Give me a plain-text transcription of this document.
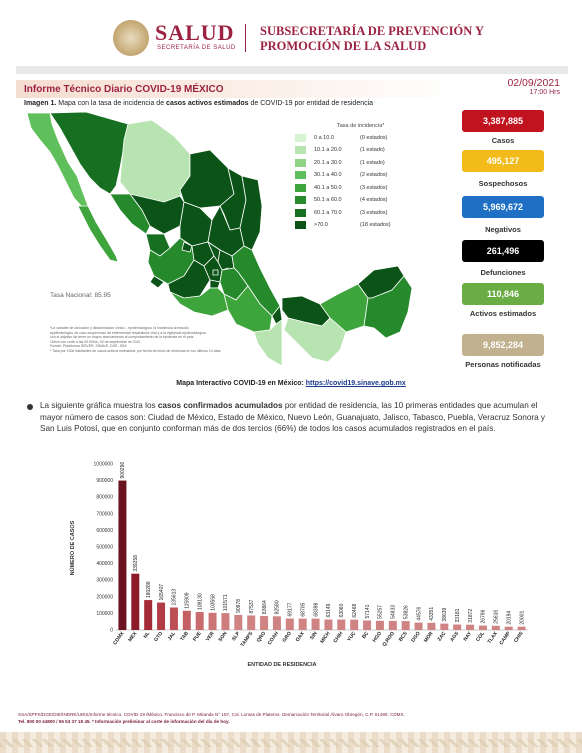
SALUD
SECRETARÍA DE SALUD
SUBSECRETARÍA DE PREVENCIÓN Y PROMOCIÓN DE LA SALUD
Informe Técnico Diario COVID-19 MÉXICO
02/09/2021
17:00 Hrs
Imagen 1. Mapa con la tasa de incidencia de casos activos estimados de COVID-19 por entidad de residencia
Tasa de incidencia*
0 a 10.0	(0 estados)
10.1 a 20.0	(1 estado)
20.1 a 30.0	(1 estado)
30.1 a 40.0	(2 estados)
40.1 a 50.0	(3 estados)
50.1 a 60.0	(4 estados)
60.1 a 70.0	(3 estados)
>70.0	(18 estados)
Tasa Nacional: 85.95
*La variable de ubicación y dictaminación clínico - epidemiológica, la incidencia al estudio
epidemiológico de caso sospechoso de enfermedad respiratoria viral y a la vigilancia epidemiológica
con el objetivo de tener un mayor acercamiento al comportamiento de la epidemia en el país.
Cierre con corte a las 00:00hrs, 02 de septiembre de 2021
Fuente: Plataforma SISVER, SINAVE, DGE, SSA
* Tasa por 100k habitantes de casos activos estimados, por fecha de inicio de síntomas en los últimos 14 días.
Mapa Interactivo COVID-19 en México: https://covid19.sinave.gob.mx
3,387,885
Casos
495,127
Sospechosos
5,969,672
Negativos
261,496
Defunciones
110,846
Activos estimados
9,852,284
Personas notificadas
La siguiente gráfica muestra los casos confirmados acumulados por entidad de residencia, las 10 primeras entidades que acumulan el mayor número de casos son: Ciudad de México, Estado de México, Nuevo León, Guanajuato, Jalisco, Tabasco, Puebla, Veracruz Sonora y San Luis Potosí, que en conjunto conforman más de dos tercios (66%) de todos los casos acumulados registrados en el país.
0
100000
200000
300000
400000
500000
600000
700000
800000
900000
1000000
NÚMERO DE CASOS
900296
CDMX
339258
MEX
180288
NL
165407
GTO
135613
JAL
115909
TAB
108130
PUE
103558
VER
101571
SON
90978
SLP
87537
TAMPS
83864
QRO
82580
COAH
69177
GRO
68705
OAX
68398
SIN
63149
MICH
63060
CHIH
62468
YUC
57141
BC
55257
HGO
54833
Q.ROO
53826
BCS
44576
DGO
43351
MOR
38639
ZAC
33181
AGS
31872
NAY
26796
COL
25616
TLAX
20194
CAMP
20001
CHIS
ENTIDAD DE RESIDENCIA
SSA/SPPS/DGE/DIE/INDRE/UIES/Informe técnico. COVID-19 /México. Francisco de P. Miranda N° 157, Col. Lomas de Plateros, Demarcación Territorial Álvaro Obregón, C.P. 01480. CDMX.
Tel. 800 00 44800 / 55 53 37 18 45. * Información preliminar al corte de información del día de hoy.
